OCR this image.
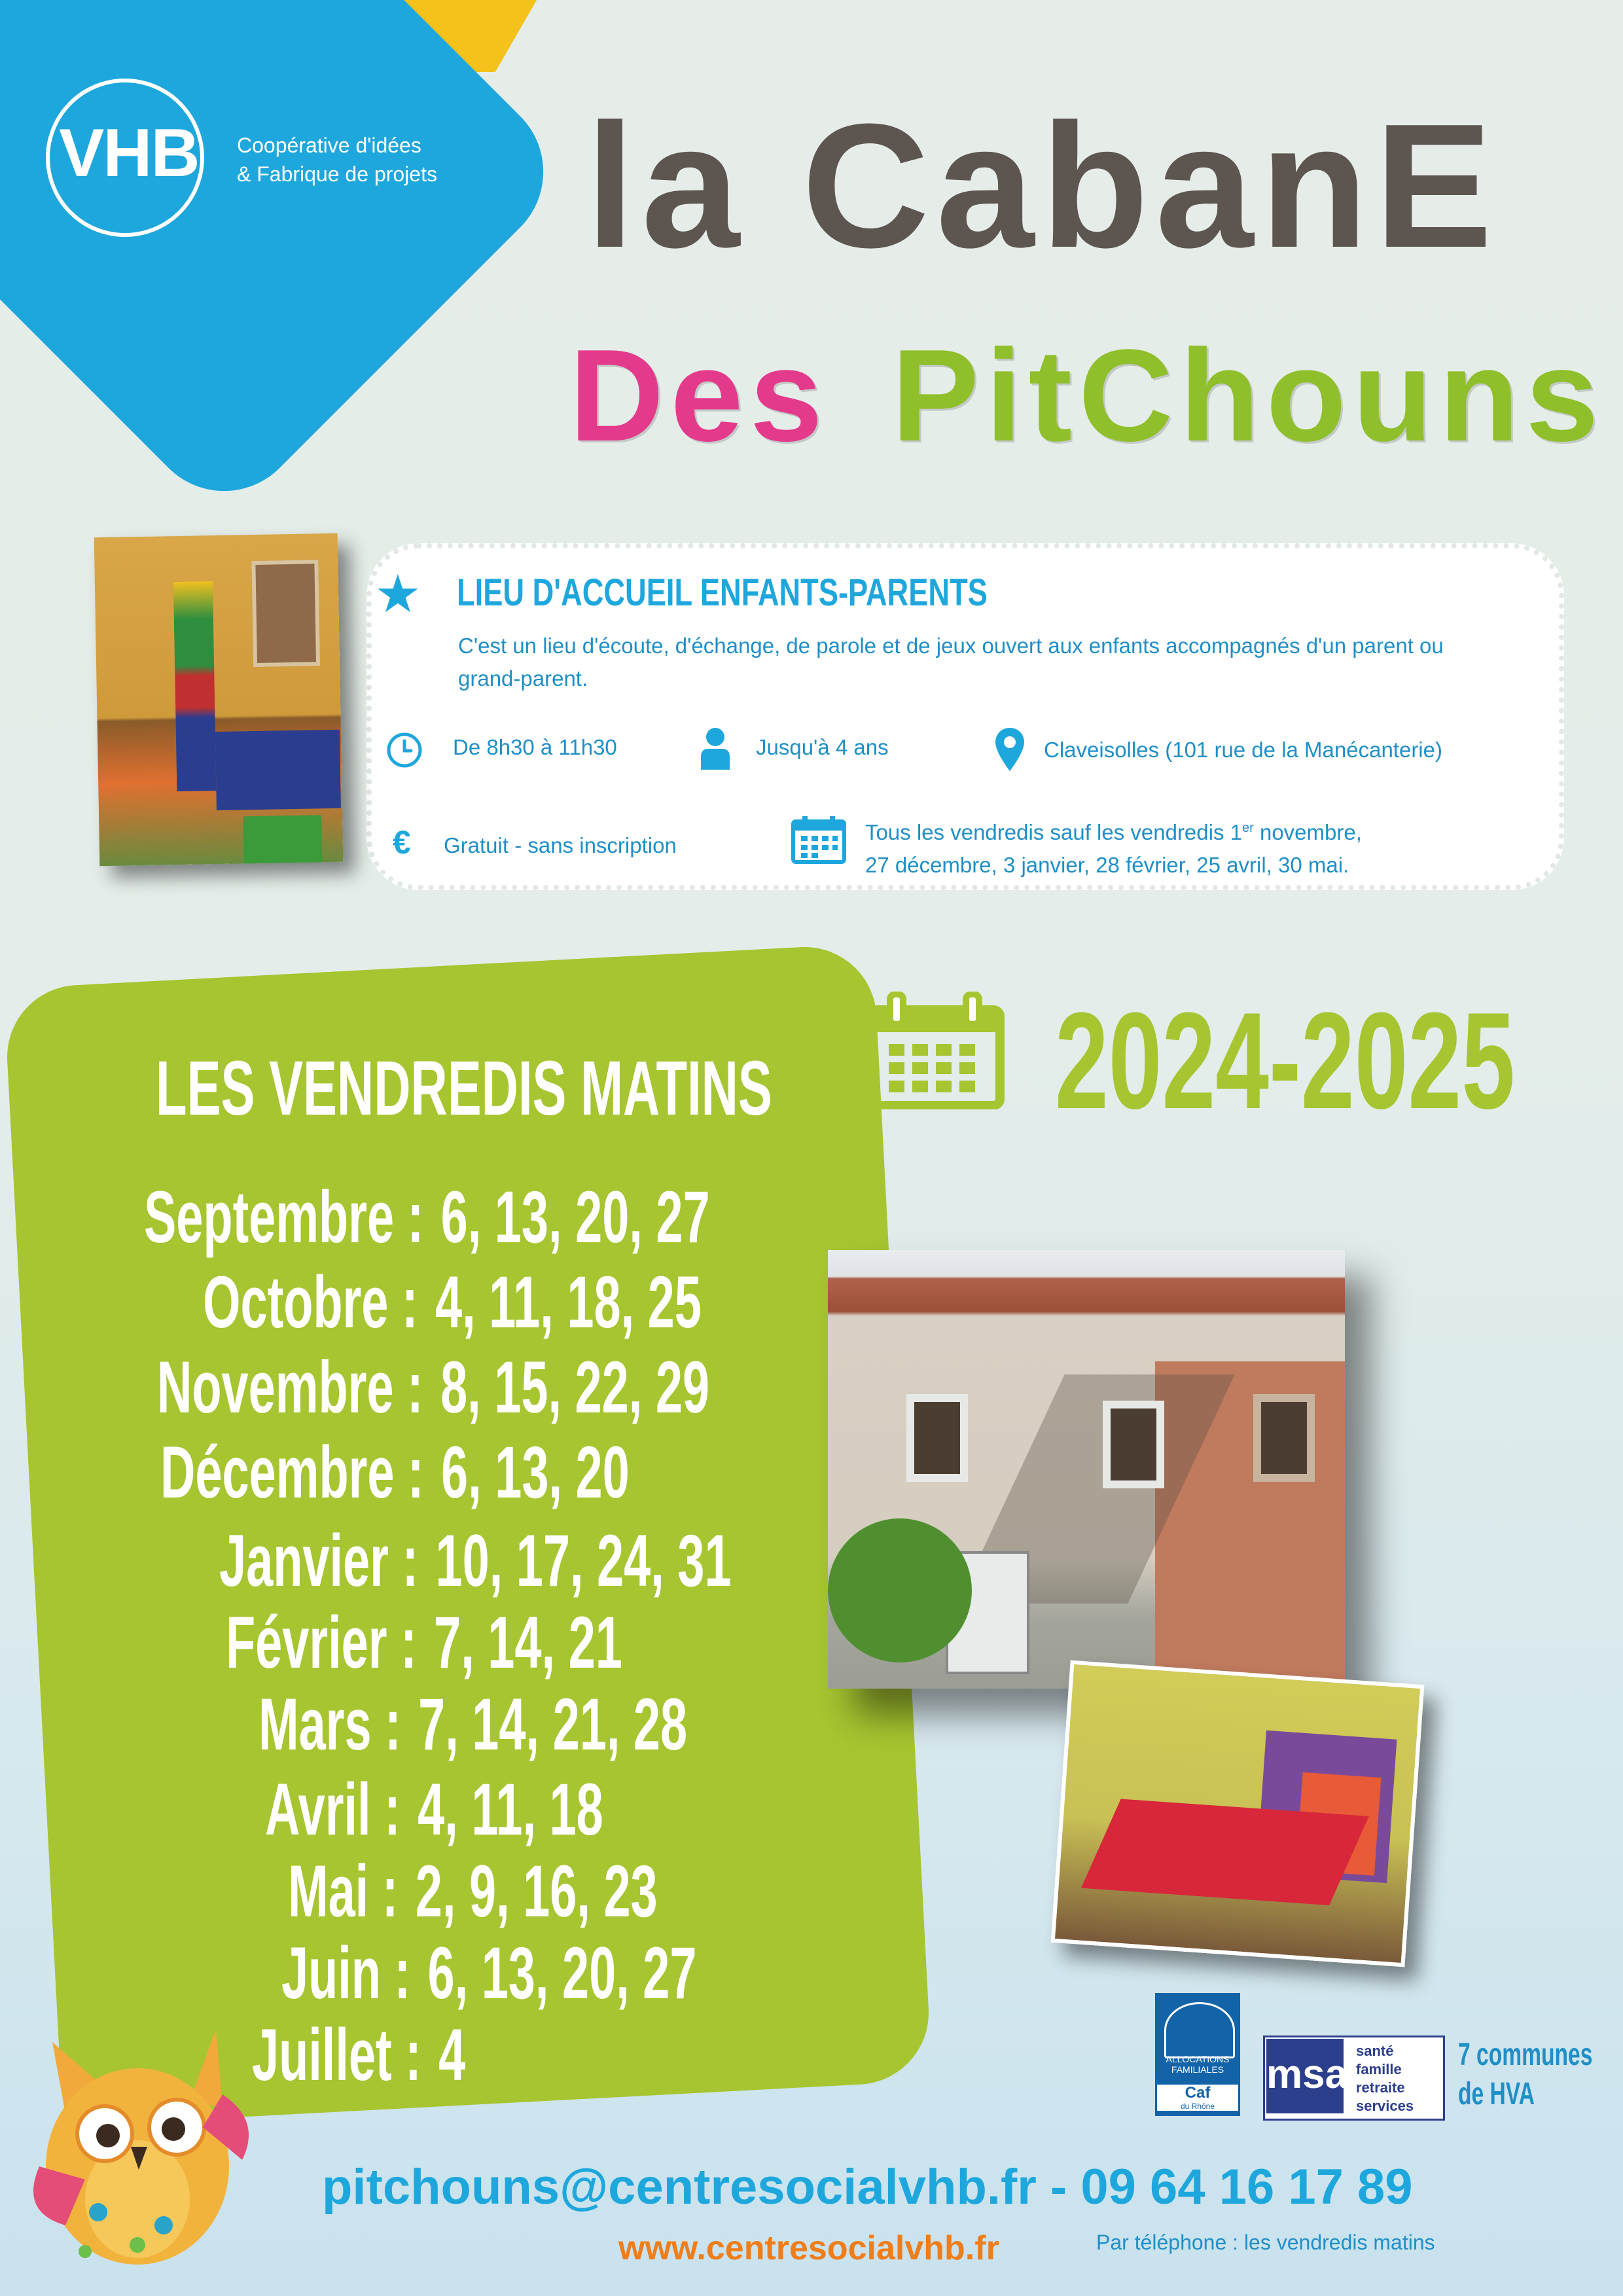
VHB Coopérative d'idées
& Fabrique de projets la CabanE
Des PitChouns
★ LIEU D'ACCUEIL ENFANTS-PARENTS
C'est un lieu d'écoute, d'échange, de parole et de jeux ouvert aux enfants accompagnés d'un parent ou grand-parent.
De 8h30 à 11h30	Jusqu'à 4 ans	Claveisolles (101 rue de la Manécanterie)
€ Gratuit - sans inscription
Tous les vendredis sauf les vendredis 1er novembre,
27 décembre, 3 janvier, 28 février, 25 avril, 30 mai.
LES VENDREDIS MATINS
Septembre : 6, 13, 20, 27
Octobre : 4, 11, 18, 25
Novembre : 8, 15, 22, 29
Décembre : 6, 13, 20
Janvier : 10, 17, 24, 31
Février : 7, 14, 21
Mars : 7, 14, 21, 28
Avril : 4, 11, 18
Mai : 2, 9, 16, 23
Juin : 6, 13, 20, 27
Juillet : 4
2024-2025
ALLOCATIONS
FAMILIALES
Caf
du Rhône
msa
santé
famille
retraite
services
7 communes
de HVA
pitchouns@centresocialvhb.fr - 09 64 16 17 89
www.centresocialvhb.fr	Par téléphone : les vendredis matins
